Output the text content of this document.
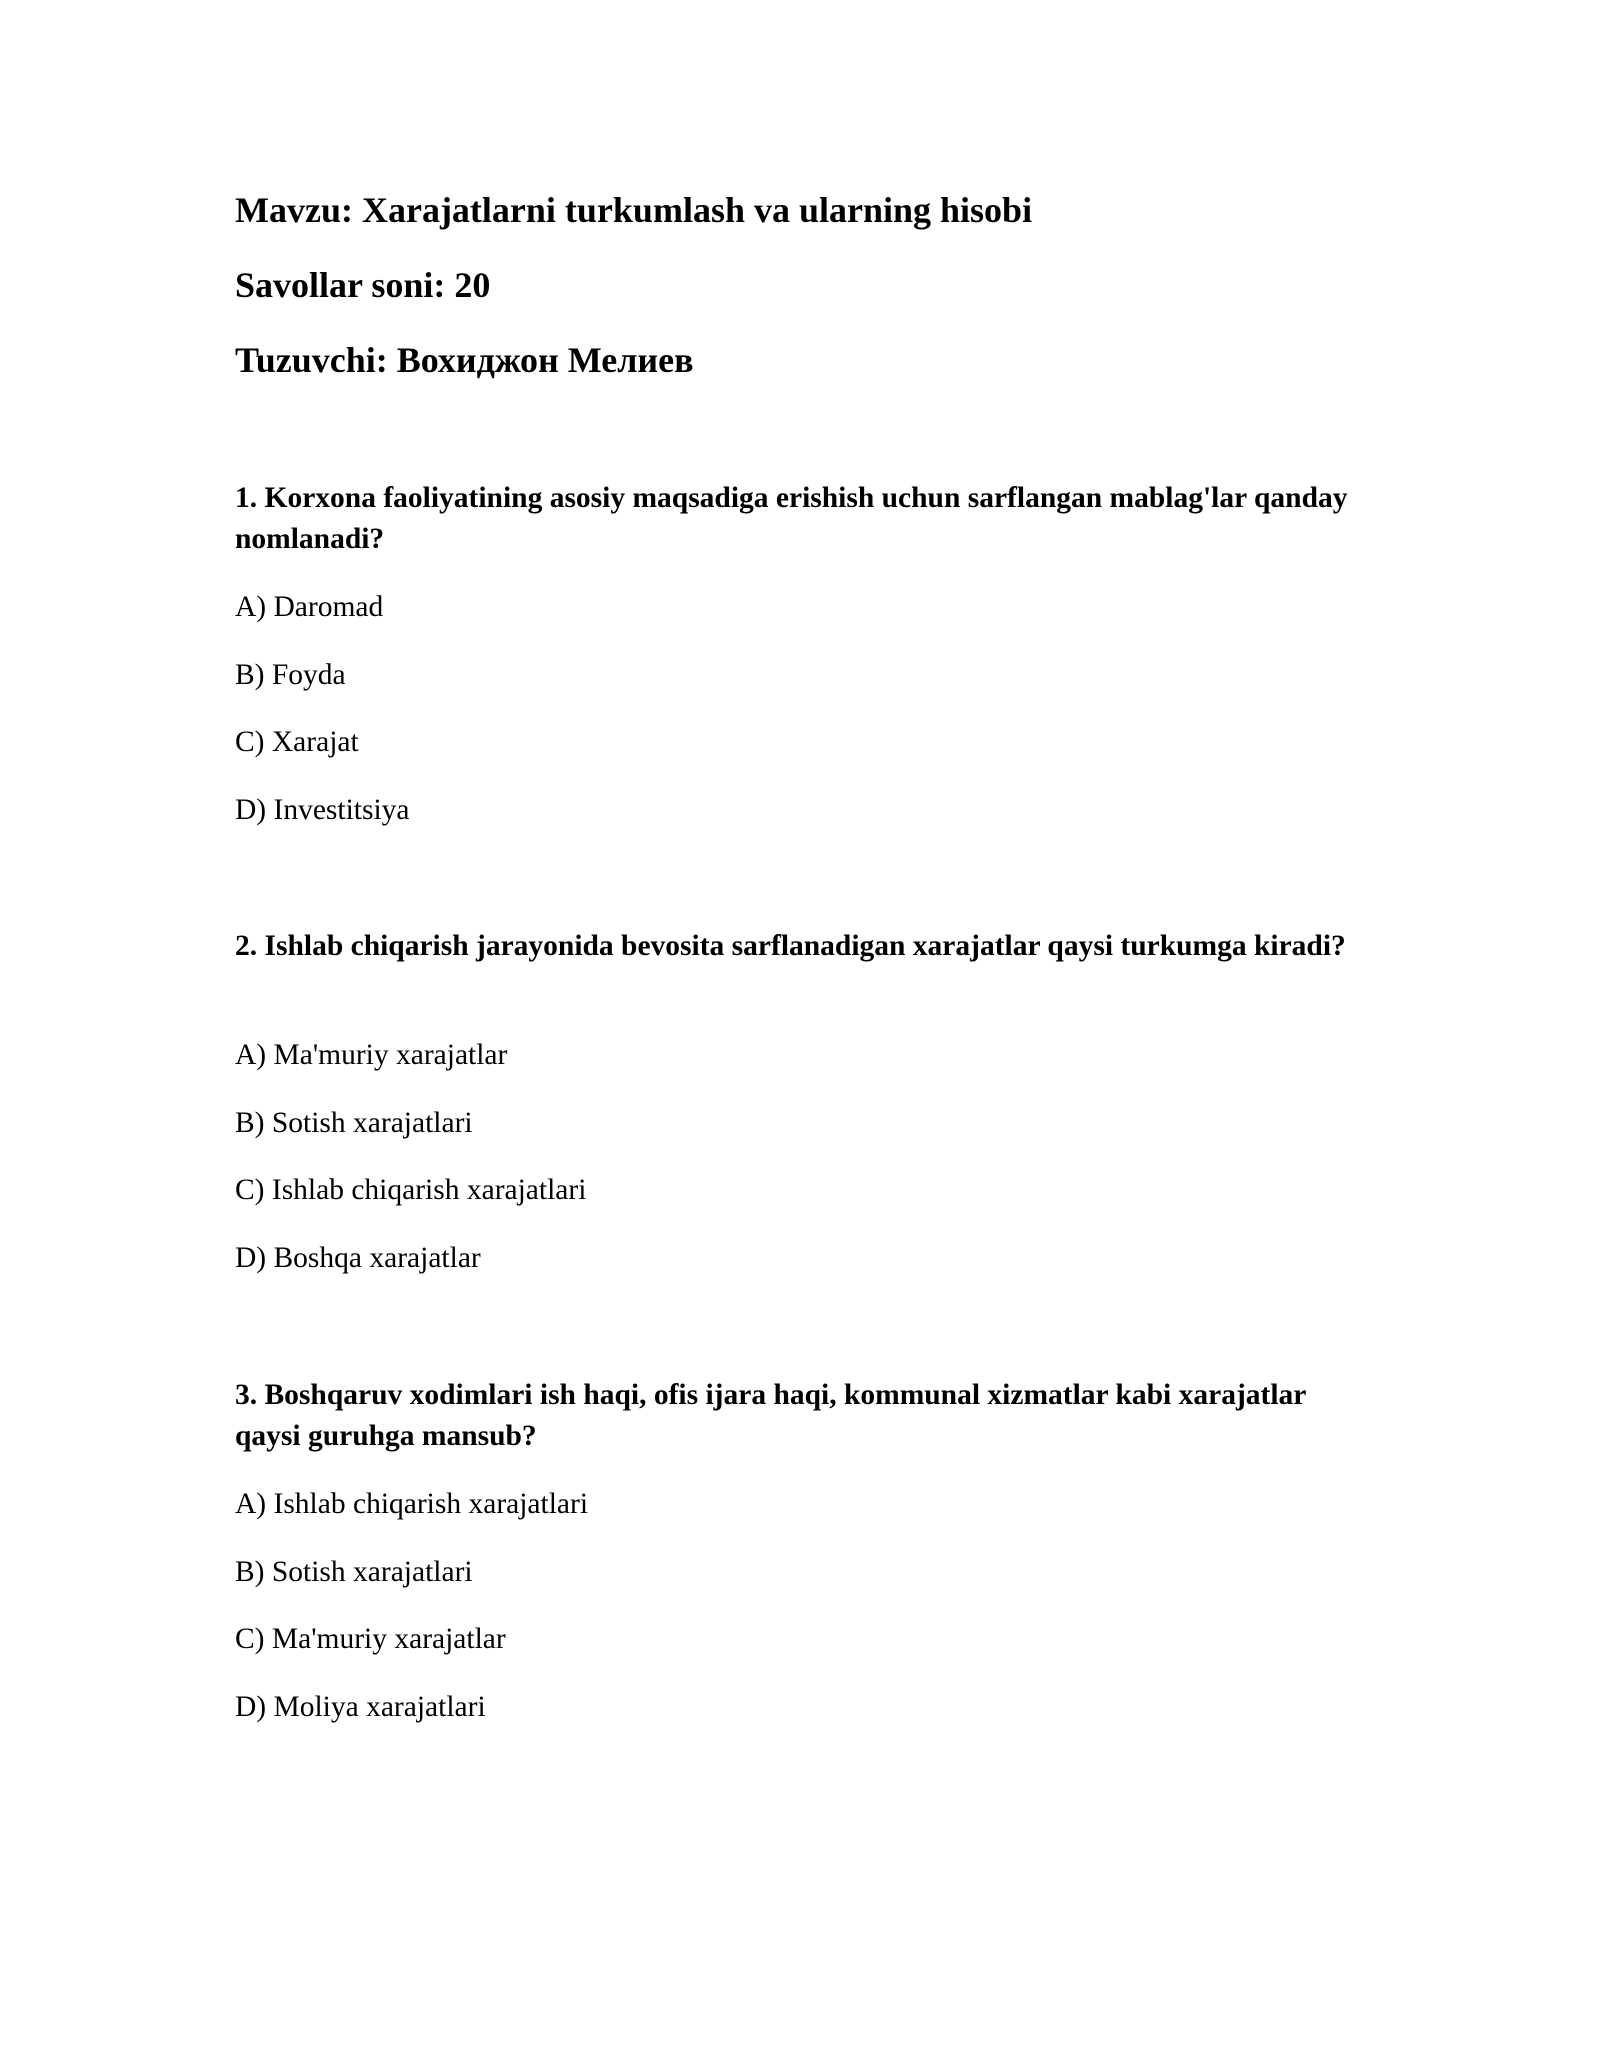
Mavzu: Xarajatlarni turkumlash va ularning hisobi
Savollar soni: 20
Tuzuvchi: Вохиджон Мелиев
1. Korxona faoliyatining asosiy maqsadiga erishish uchun sarflangan mablag'lar qanday nomlanadi?
A) Daromad
B) Foyda
C) Xarajat
D) Investitsiya
2. Ishlab chiqarish jarayonida bevosita sarflanadigan xarajatlar qaysi turkumga kiradi?
A) Ma'muriy xarajatlar
B) Sotish xarajatlari
C) Ishlab chiqarish xarajatlari
D) Boshqa xarajatlar
3. Boshqaruv xodimlari ish haqi, ofis ijara haqi, kommunal xizmatlar kabi xarajatlar qaysi guruhga mansub?
A) Ishlab chiqarish xarajatlari
B) Sotish xarajatlari
C) Ma'muriy xarajatlar
D) Moliya xarajatlari
